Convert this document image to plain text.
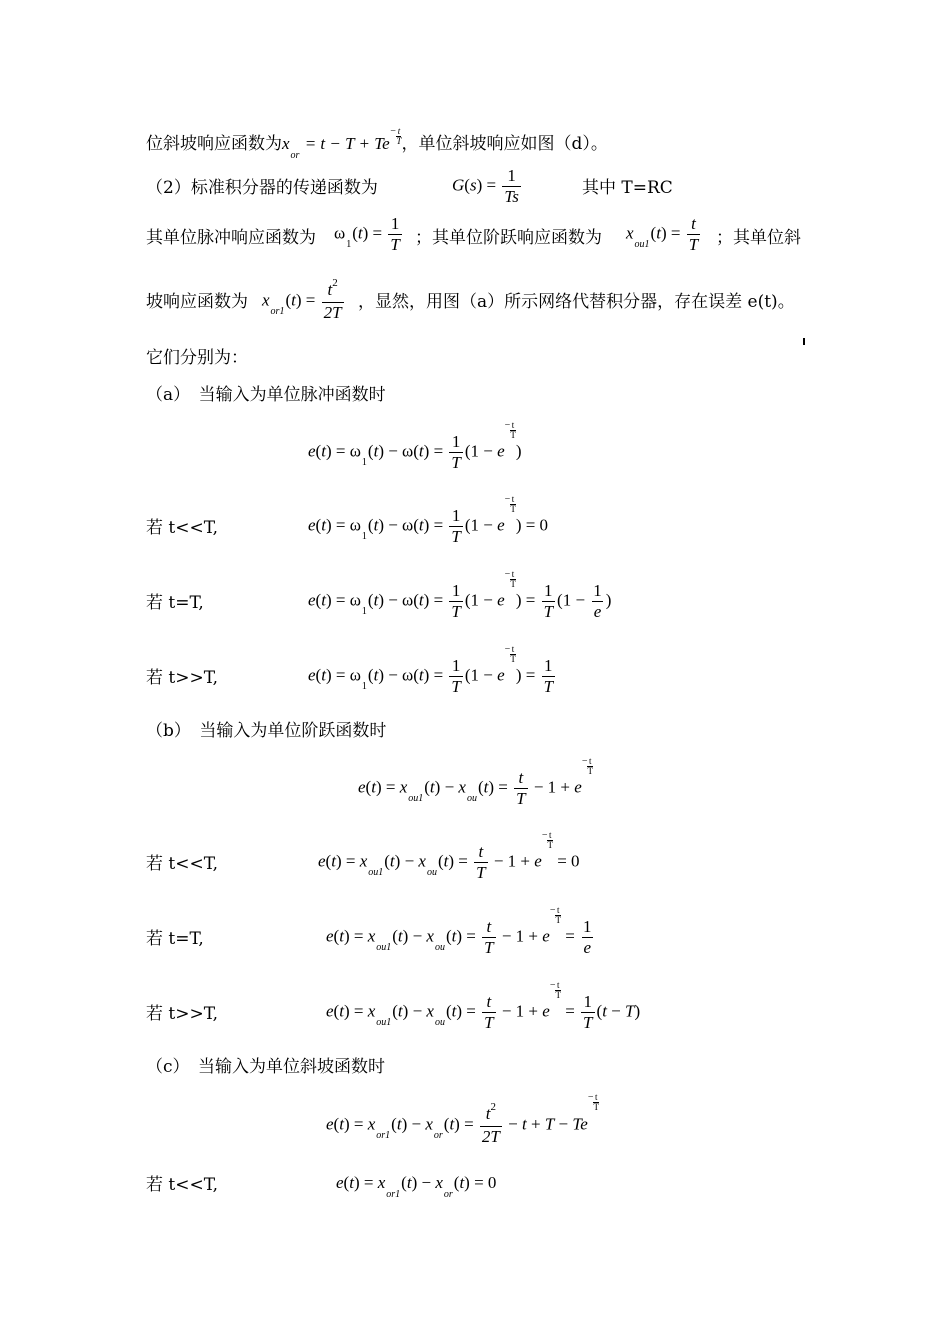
位斜坡响应函数为$x_{or} = t - T + Te- \frac{t}{T}$ ，单位斜坡响应如图（d）。
（2）标准积分器的传递函数为	$G(s) = \frac{1}{Ts}$	其中 T=RC
其单位脉冲响应函数为 $\omega_1(t) = \frac{1}{T}$ ；其单位阶跃响应函数为 $x_{ou1}(t) = \frac{t}{T}$ ；其单位斜
坡响应函数为 $x_{or1}(t) = \frac{t^2}{2T}$ ，显然，用图（a）所示网络代替积分器，存在误差 e(t)。
它们分别为：
（a）　当输入为单位脉冲函数时
$e(t) = \omega_1(t) - \omega(t) = \frac{1}{T} (1 - e- \frac{t}{T}$
)
若 t<<T,	$e(t) = \omega_1(t) - \omega(t) = \frac{1}{T} (1 - e- \frac{t}{T}$
) = 0
若 t=T,	$e(t) = \omega_1(t) - \omega(t) = \frac{1}{T} (1 - e- \frac{t}{T}$
) = $\frac{1}{T} (1 - \frac{1}{e}$ )
若 t>>T,	$e(t) = \omega_1(t) - \omega(t) = \frac{1}{T} (1 - e- \frac{t}{T}$
) = $\frac{1}{T}$
（b）　当输入为单位阶跃函数时
$e(t) = x_{ou1}(t) - x_{ou}(t) = \frac{t}{T} - 1 + e- \frac{t}{T}$
若 t<<T,	$e(t) = x_{ou1}(t) - x_{ou}(t) = \frac{t}{T} - 1 + e- \frac{t}{T}$
= 0
若 t=T,	$e(t) = x_{ou1}(t) - x_{ou}(t) = \frac{t}{T} - 1 + e- \frac{t}{T}$
= $\frac{1}{e}$
若 t>>T,	$e(t) = x_{ou1}(t) - x_{ou}(t) = \frac{t}{T} - 1 + e- \frac{t}{T}$
= $\frac{1}{T} (t - T)$
（c）　当输入为单位斜坡函数时
$e(t) = x_{or1}(t) - x_{or}(t) = \frac{t^2}{2T} - t + T - Te- \frac{t}{T}$
若 t<<T,	$e(t) = x_{or1}(t) - x_{or}(t) = 0$
